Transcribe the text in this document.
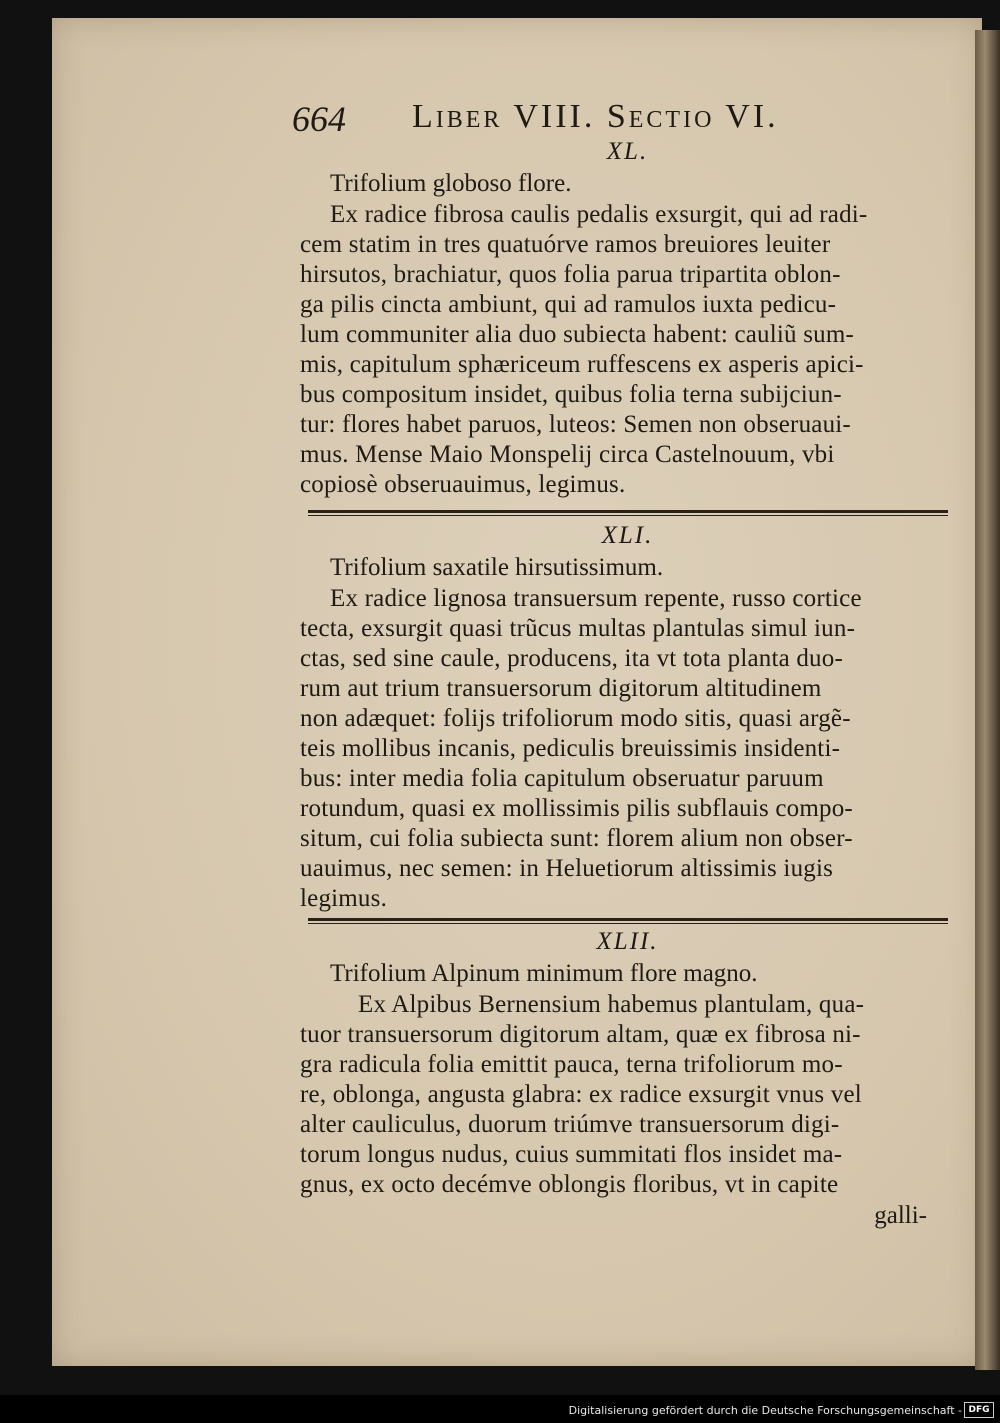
664 Liber VIII. Sectio VI.
XL.
Trifolium globoso flore.
Ex radice fibrosa caulis pedalis exsurgit, qui ad radi-
cem statim in tres quatuórve ramos breuiores leuiter
hirsutos, brachiatur, quos folia parua tripartita oblon-
ga pilis cincta ambiunt, qui ad ramulos iuxta pedicu-
lum communiter alia duo subiecta habent: cauliũ sum-
mis, capitulum sphæriceum ruffescens ex asperis apici-
bus compositum insidet, quibus folia terna subijciun-
tur: flores habet paruos, luteos: Semen non obseruaui-
mus. Mense Maio Monspelij circa Castelnouum, vbi
copiosè obseruauimus, legimus.
XLI.
Trifolium saxatile hirsutissimum.
Ex radice lignosa transuersum repente, russo cortice
tecta, exsurgit quasi trũcus multas plantulas simul iun-
ctas, sed sine caule, producens, ita vt tota planta duo-
rum aut trium transuersorum digitorum altitudinem
non adæquet: folijs trifoliorum modo sitis, quasi argẽ-
teis mollibus incanis, pediculis breuissimis insidenti-
bus: inter media folia capitulum obseruatur paruum
rotundum, quasi ex mollissimis pilis subflauis compo-
situm, cui folia subiecta sunt: florem alium non obser-
uauimus, nec semen: in Heluetiorum altissimis iugis
legimus.
XLII.
Trifolium Alpinum minimum flore magno.
Ex Alpibus Bernensium habemus plantulam, qua-
tuor transuersorum digitorum altam, quæ ex fibrosa ni-
gra radicula folia emittit pauca, terna trifoliorum mo-
re, oblonga, angusta glabra: ex radice exsurgit vnus vel
alter cauliculus, duorum triúmve transuersorum digi-
torum longus nudus, cuius summitati flos insidet ma-
gnus, ex octo decémve oblongis floribus, vt in capite
galli-
Digitalisierung gefördert durch die Deutsche Forschungsgemeinschaft - DFG
